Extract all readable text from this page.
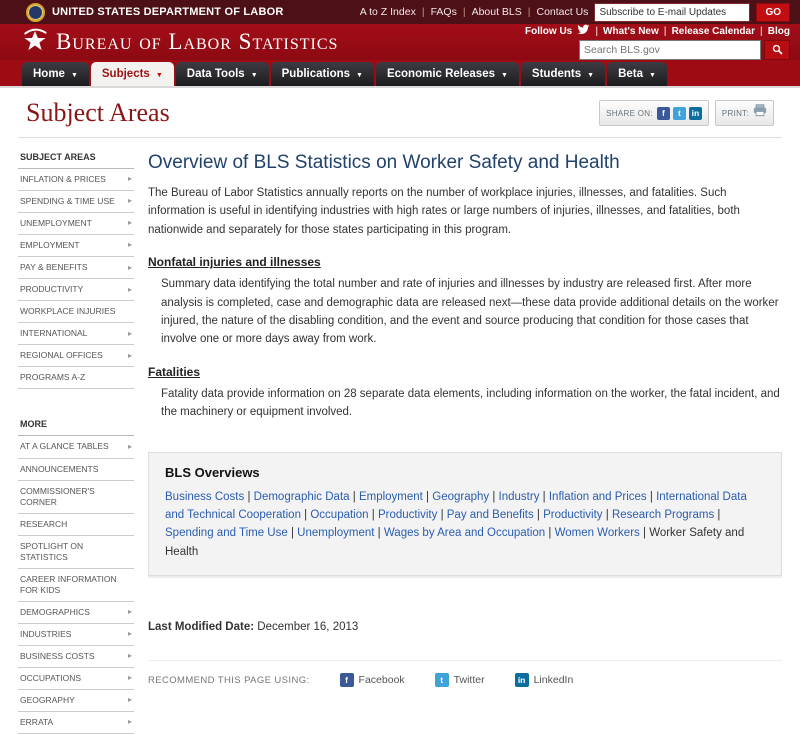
UNITED STATES DEPARTMENT OF LABOR	A to Z Index | FAQs | About BLS | Contact Us
Subscribe to E-mail Updates	GO
Bureau of Labor Statistics	Follow Us | What's New | Release Calendar | Blog
Search BLS.gov
Home ▼ Subjects ▼ Data Tools ▼ Publications ▼ Economic Releases ▼ Students ▼ Beta ▼
Subject Areas	SHARE ON:	f	t	in	PRINT:
SUBJECT AREAS
INFLATION & PRICES	▸
SPENDING & TIME USE ▸
UNEMPLOYMENT	▸
EMPLOYMENT	▸
PAY & BENEFITS	▸
PRODUCTIVITY	▸
WORKPLACE INJURIES
INTERNATIONAL	▸
REGIONAL OFFICES	▸
PROGRAMS A-Z
MORE
AT A GLANCE TABLES ▸
ANNOUNCEMENTS
COMMISSIONER'S CORNER
RESEARCH
SPOTLIGHT ON STATISTICS
CAREER INFORMATION FOR KIDS
DEMOGRAPHICS	▸
INDUSTRIES	▸
BUSINESS COSTS	▸
OCCUPATIONS	▸
GEOGRAPHY	▸
ERRATA	▸
Overview of BLS Statistics on Worker Safety and Health

The Bureau of Labor Statistics annually reports on the number of workplace injuries, illnesses, and fatalities. Such information is useful in identifying industries with high rates or large numbers of injuries, illnesses, and fatalities, both nationwide and separately for those states participating in this program.

Nonfatal injuries and illnesses

Summary data identifying the total number and rate of injuries and illnesses by industry are released first. After more analysis is completed, case and demographic data are released next—these data provide additional details on the worker injured, the nature of the disabling condition, and the event and source producing that condition for those cases that involve one or more days away from work.

Fatalities

Fatality data provide information on 28 separate data elements, including information on the worker, the fatal incident, and the machinery or equipment involved.

BLS Overviews

Business Costs | Demographic Data | Employment | Geography | Industry | Inflation and Prices | International Data and Technical Cooperation | Occupation | Productivity | Pay and Benefits | Productivity | Research Programs | Spending and Time Use | Unemployment | Wages by Area and Occupation | Women Workers | Worker Safety and Health

Last Modified Date: December 16, 2013

RECOMMEND THIS PAGE USING:	f	Facebook	t	Twitter	in LinkedIn
